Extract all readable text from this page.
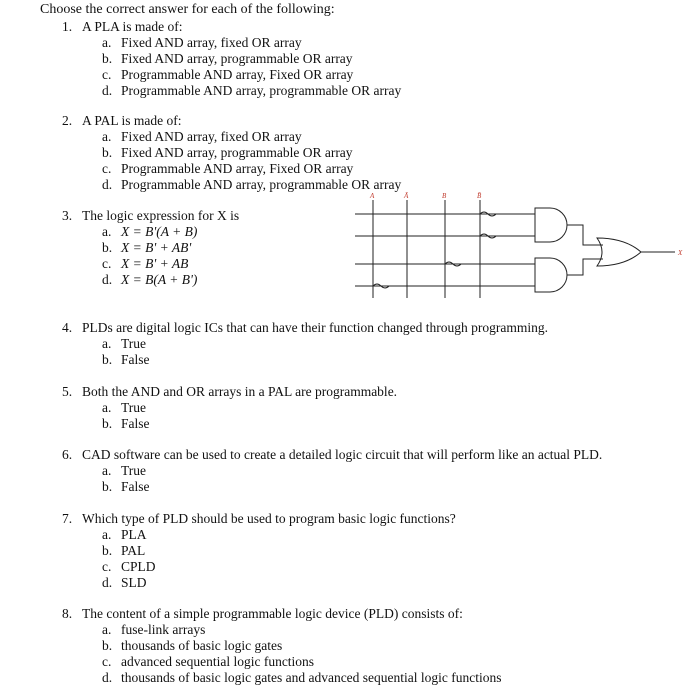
Choose the correct answer for each of the following:
1. A PLA is made of:
a. Fixed AND array, fixed OR array
b. Fixed AND array, programmable OR array
c. Programmable AND array, Fixed OR array
d. Programmable AND array, programmable OR array
2. A PAL is made of:
a. Fixed AND array, fixed OR array
b. Fixed AND array, programmable OR array
c. Programmable AND array, Fixed OR array
d. Programmable AND array, programmable OR array
3. The logic expression for X is
a. X = B'(A + B)
b. X = B' + AB'
c. X = B' + AB
d. X = B(A + B')
A	Ā	B	B̄
X
4. PLDs are digital logic ICs that can have their function changed through programming.
a. True
b. False
5. Both the AND and OR arrays in a PAL are programmable.
a. True
b. False
6. CAD software can be used to create a detailed logic circuit that will perform like an actual PLD.
a. True
b. False
7. Which type of PLD should be used to program basic logic functions?
a. PLA
b. PAL
c. CPLD
d. SLD
8. The content of a simple programmable logic device (PLD) consists of:
a. fuse-link arrays
b. thousands of basic logic gates
c. advanced sequential logic functions
d. thousands of basic logic gates and advanced sequential logic functions
